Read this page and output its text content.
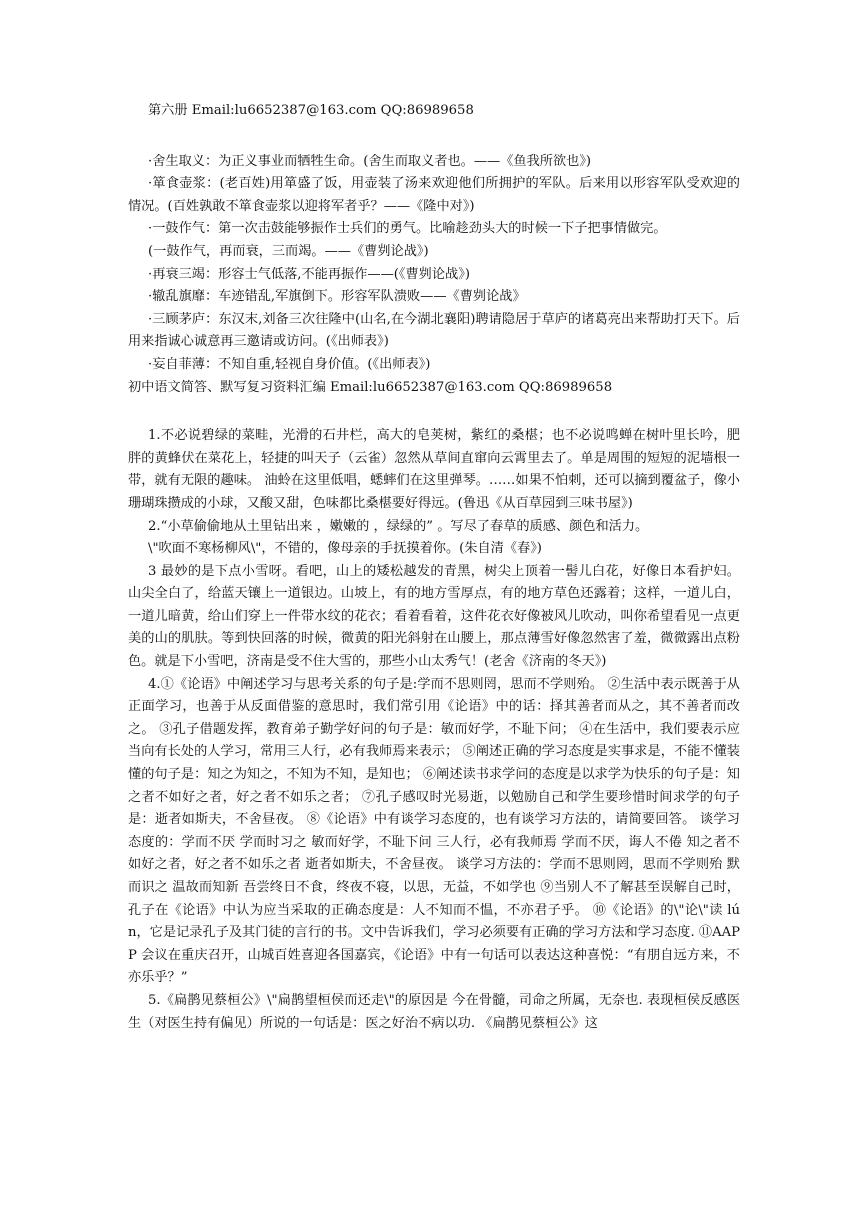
第六册 Email:lu6652387@163.com QQ:86989658

·舍生取义：为正义事业而牺牲生命。(舍生而取义者也。——《鱼我所欲也》)

·箪食壶浆：(老百姓)用箪盛了饭，用壶装了汤来欢迎他们所拥护的军队。后来用以形容军队受欢迎的情况。(百姓孰敢不箪食壶浆以迎将军者乎？——《隆中对》)

·一鼓作气：第一次击鼓能够振作士兵们的勇气。比喻趁劲头大的时候一下子把事情做完。

(一鼓作气，再而衰，三而竭。——《曹刿论战》)

·再衰三竭：形容士气低落,不能再振作——(《曹刿论战》)

·辙乱旗靡：车迹错乱,军旗倒下。形容军队溃败——《曹刿论战》

·三顾茅庐：东汉末,刘备三次往隆中(山名,在今湖北襄阳)聘请隐居于草庐的诸葛亮出来帮助打天下。后用来指诚心诚意再三邀请或访问。(《出师表》)

·妄自菲薄：不知自重,轻视自身价值。(《出师表》)

初中语文简答、默写复习资料汇编 Email:lu6652387@163.com QQ:86989658

1.不必说碧绿的菜畦，光滑的石井栏，高大的皂荚树，紫红的桑椹；也不必说鸣蝉在树叶里长吟，肥胖的黄蜂伏在菜花上，轻捷的叫天子（云雀）忽然从草间直窜向云霄里去了。单是周围的短短的泥墙根一带，就有无限的趣味。 油蛉在这里低唱，蟋蟀们在这里弹琴。……如果不怕刺，还可以摘到覆盆子，像小珊瑚珠攒成的小球，又酸又甜，色味都比桑椹要好得远。(鲁迅《从百草园到三味书屋》)

2.“小草偷偷地从土里钻出来 ，嫩嫩的 ，绿绿的” 。写尽了春草的质感、颜色和活力。

\"吹面不寒杨柳风\"，不错的，像母亲的手抚摸着你。(朱自清《春》)

3 最妙的是下点小雪呀。看吧，山上的矮松越发的青黑，树尖上顶着一髻儿白花，好像日本看护妇。山尖全白了，给蓝天镶上一道银边。山坡上，有的地方雪厚点，有的地方草色还露着；这样，一道儿白，一道儿暗黄，给山们穿上一件带水纹的花衣；看着看着，这件花衣好像被风儿吹动，叫你希望看见一点更美的山的肌肤。等到快回落的时候，微黄的阳光斜射在山腰上，那点薄雪好像忽然害了羞，微微露出点粉色。就是下小雪吧，济南是受不住大雪的，那些小山太秀气！(老舍《济南的冬天》)

4.①《论语》中阐述学习与思考关系的句子是:学而不思则罔，思而不学则殆。 ②生活中表示既善于从正面学习，也善于从反面借鉴的意思时，我们常引用《论语》中的话：择其善者而从之，其不善者而改之。 ③孔子借题发挥，教育弟子勤学好问的句子是：敏而好学，不耻下问； ④在生活中，我们要表示应当向有长处的人学习，常用三人行，必有我师焉来表示； ⑤阐述正确的学习态度是实事求是，不能不懂装懂的句子是：知之为知之，不知为不知，是知也； ⑥阐述读书求学问的态度是以求学为快乐的句子是：知之者不如好之者，好之者不如乐之者； ⑦孔子感叹时光易逝，以勉励自己和学生要珍惜时间求学的句子是：逝者如斯夫，不舍昼夜。 ⑧《论语》中有谈学习态度的，也有谈学习方法的，请简要回答。 谈学习态度的：学而不厌 学而时习之 敏而好学，不耻下问 三人行，必有我师焉 学而不厌，诲人不倦 知之者不如好之者，好之者不如乐之者 逝者如斯夫，不舍昼夜。 谈学习方法的：学而不思则罔，思而不学则殆 默而识之 温故而知新 吾尝终日不食，终夜不寝，以思，无益，不如学也 ⑨当别人不了解甚至误解自己时，孔子在《论语》中认为应当采取的正确态度是：人不知而不愠，不亦君子乎。 ⑩《论语》的\"论\"读 lún，它是记录孔子及其门徒的言行的书。文中告诉我们，学习必须要有正确的学习方法和学习态度. ⑪AAPP 会议在重庆召开，山城百姓喜迎各国嘉宾，《论语》中有一句话可以表达这种喜悦：“有朋自远方来，不亦乐乎？”

5.《扁鹊见蔡桓公》\"扁鹊望桓侯而还走\"的原因是 今在骨髓，司命之所属，无奈也. 表现桓侯反感医生（对医生持有偏见）所说的一句话是：医之好治不病以功. 《扁鹊见蔡桓公》这
